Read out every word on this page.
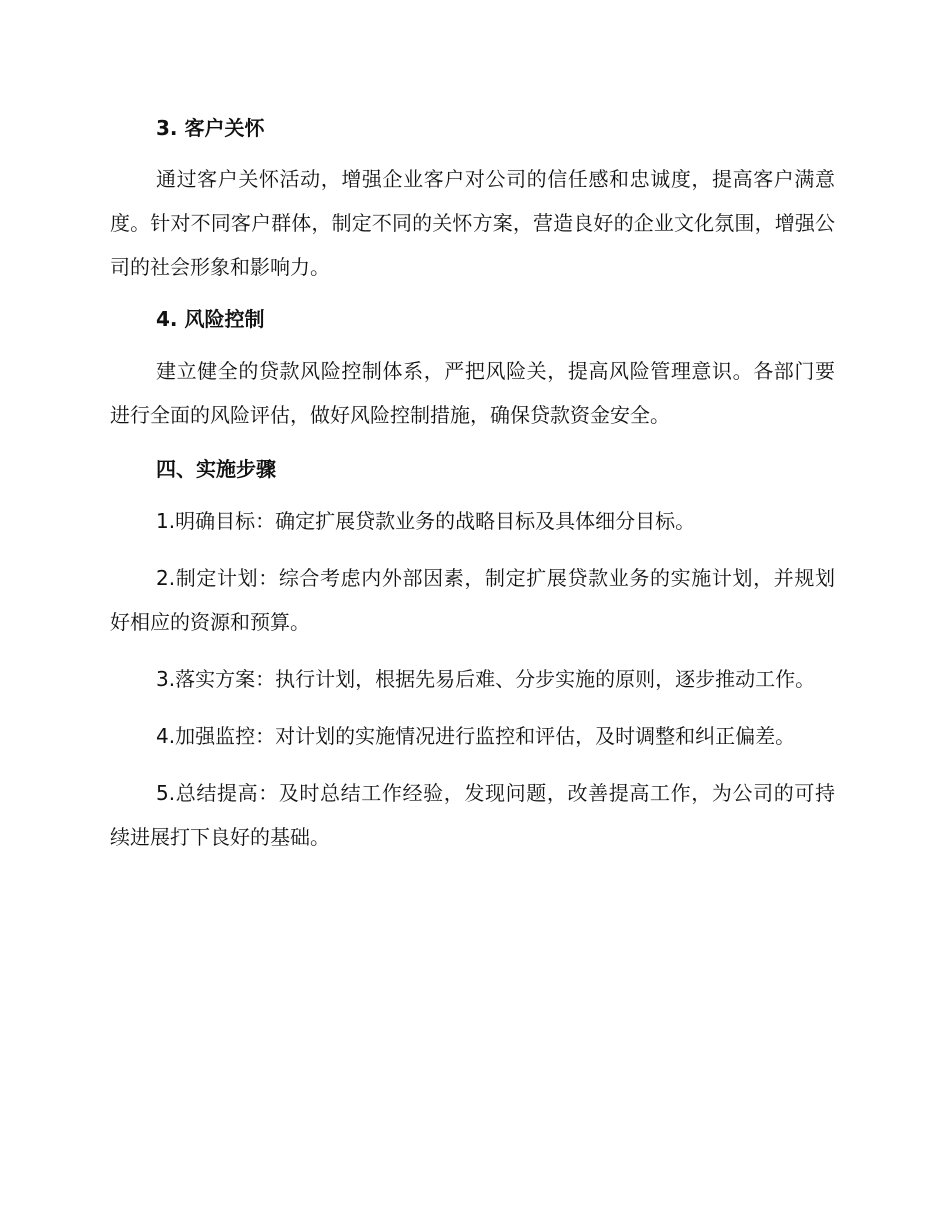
3. 客户关怀

通过客户关怀活动，增强企业客户对公司的信任感和忠诚度，提高客户满意度。针对不同客户群体，制定不同的关怀方案，营造良好的企业文化氛围，增强公司的社会形象和影响力。

4. 风险控制

建立健全的贷款风险控制体系，严把风险关，提高风险管理意识。各部门要进行全面的风险评估，做好风险控制措施，确保贷款资金安全。

四、实施步骤

1.明确目标：确定扩展贷款业务的战略目标及具体细分目标。

2.制定计划：综合考虑内外部因素，制定扩展贷款业务的实施计划，并规划好相应的资源和预算。

3.落实方案：执行计划，根据先易后难、分步实施的原则，逐步推动工作。

4.加强监控：对计划的实施情况进行监控和评估，及时调整和纠正偏差。

5.总结提高：及时总结工作经验，发现问题，改善提高工作，为公司的可持续进展打下良好的基础。
